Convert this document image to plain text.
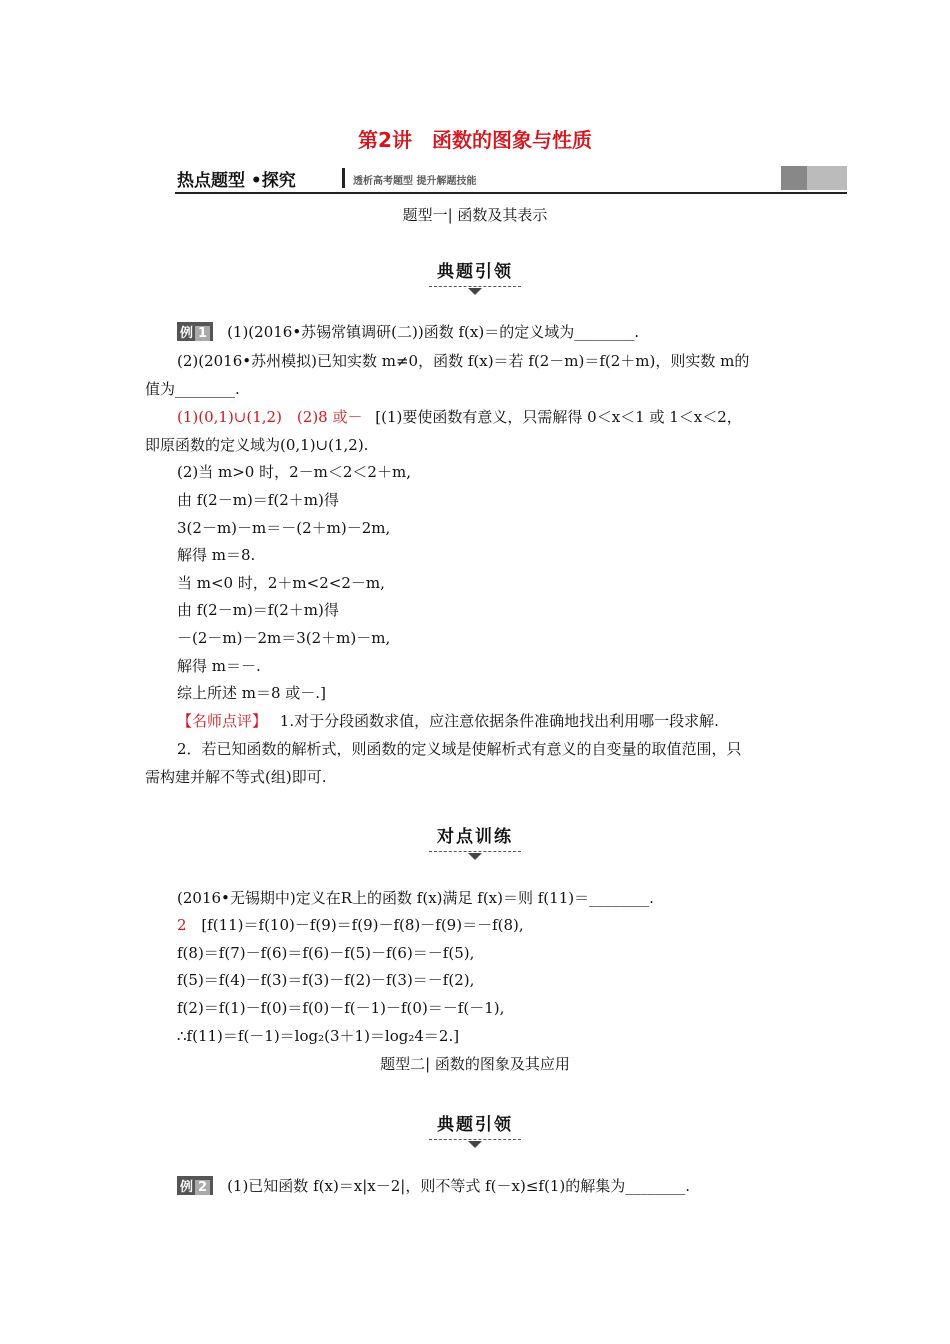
第2讲　函数的图象与性质
热点题型 •探究	透析高考题型 提升解题技能
题型一| 函数及其表示
典题引领
例 1 (1)(2016•苏锡常镇调研(二))函数 f(x)＝的定义域为________.
(2)(2016•苏州模拟)已知实数 m≠0，函数 f(x)＝若 f(2－m)＝f(2＋m)，则实数 m的
值为________.
(1)(0,1)∪(1,2)　(2)8 或－ [(1)要使函数有意义，只需解得 0＜x＜1 或 1＜x＜2，
即原函数的定义域为(0,1)∪(1,2).
(2)当 m>0 时，2－m＜2＜2＋m,
由 f(2－m)＝f(2＋m)得
3(2－m)－m＝－(2＋m)－2m,
解得 m＝8.
当 m<0 时，2＋m<2<2－m,
由 f(2－m)＝f(2＋m)得
－(2－m)－2m＝3(2＋m)－m,
解得 m＝－.
综上所述 m＝8 或－.]
【名师点评】 1.对于分段函数求值，应注意依据条件准确地找出利用哪一段求解.
2．若已知函数的解析式，则函数的定义域是使解析式有意义的自变量的取值范围，只
需构建并解不等式(组)即可.
对点训练
(2016•无锡期中)定义在R上的函数 f(x)满足 f(x)＝则 f(11)＝________.
2 [f(11)＝f(10)－f(9)＝f(9)－f(8)－f(9)＝－f(8),
f(8)＝f(7)－f(6)＝f(6)－f(5)－f(6)＝－f(5),
f(5)＝f(4)－f(3)＝f(3)－f(2)－f(3)＝－f(2),
f(2)＝f(1)－f(0)＝f(0)－f(－1)－f(0)＝－f(－1),
∴f(11)＝f(－1)＝log₂(3＋1)＝log₂4＝2.]
题型二| 函数的图象及其应用
典题引领
例 2 (1)已知函数 f(x)＝x|x－2|，则不等式 f(－x)≤f(1)的解集为________.
